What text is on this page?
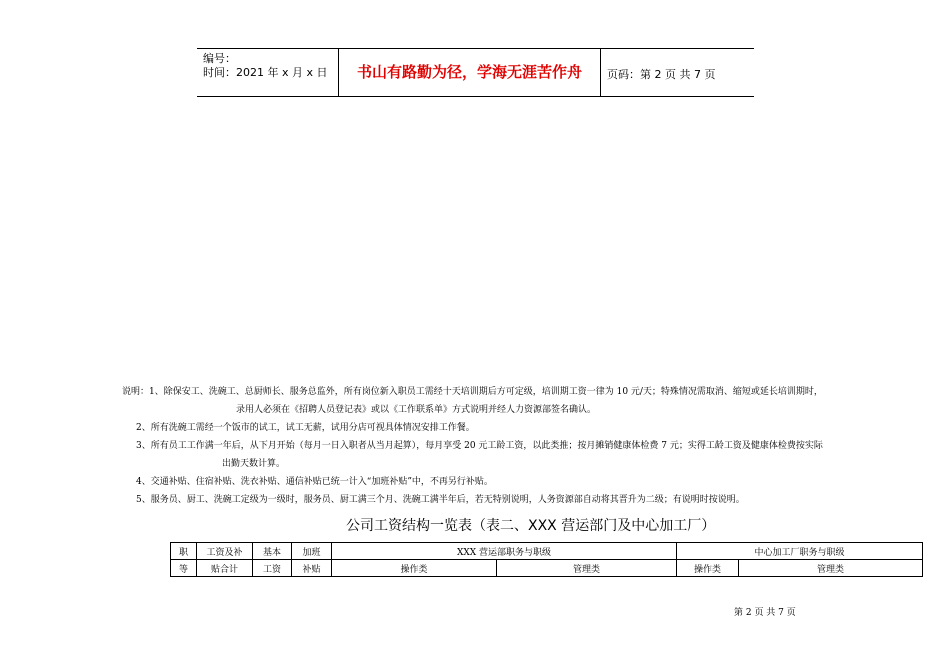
编号：
时间：2021 年 x 月 x 日	书山有路勤为径，学海无涯苦作舟	页码：第 2 页 共 7 页
说明：1、除保安工、洗碗工、总厨师长、服务总监外，所有岗位新入职员工需经十天培训期后方可定级，培训期工资一律为 10 元/天；特殊情况需取消、缩短或延长培训期时，
录用人必须在《招聘人员登记表》或以《工作联系单》方式说明并经人力资源部签名确认。
2、所有洗碗工需经一个饭市的试工，试工无薪，试用分店可视具体情况安排工作餐。
3、所有员工工作满一年后，从下月开始（每月一日入职者从当月起算），每月享受 20 元工龄工资，以此类推；按月摊销健康体检费 7 元；实得工龄工资及健康体检费按实际
出勤天数计算。
4、交通补贴、住宿补贴、洗衣补贴、通信补贴已统一计入“加班补贴”中，不再另行补贴。
5、服务员、厨工、洗碗工定级为一级时，服务员、厨工满三个月、洗碗工满半年后，若无特别说明，人务资源部自动将其晋升为二级；有说明时按说明。
公司工资结构一览表（表二、XXX 营运部门及中心加工厂）
职	工资及补	基本	加班	XXX 营运部职务与职级		中心加工厂职务与职级	
等	贴合计	工资	补贴	操作类	管理类	操作类	管理类
第 2 页 共 7 页
